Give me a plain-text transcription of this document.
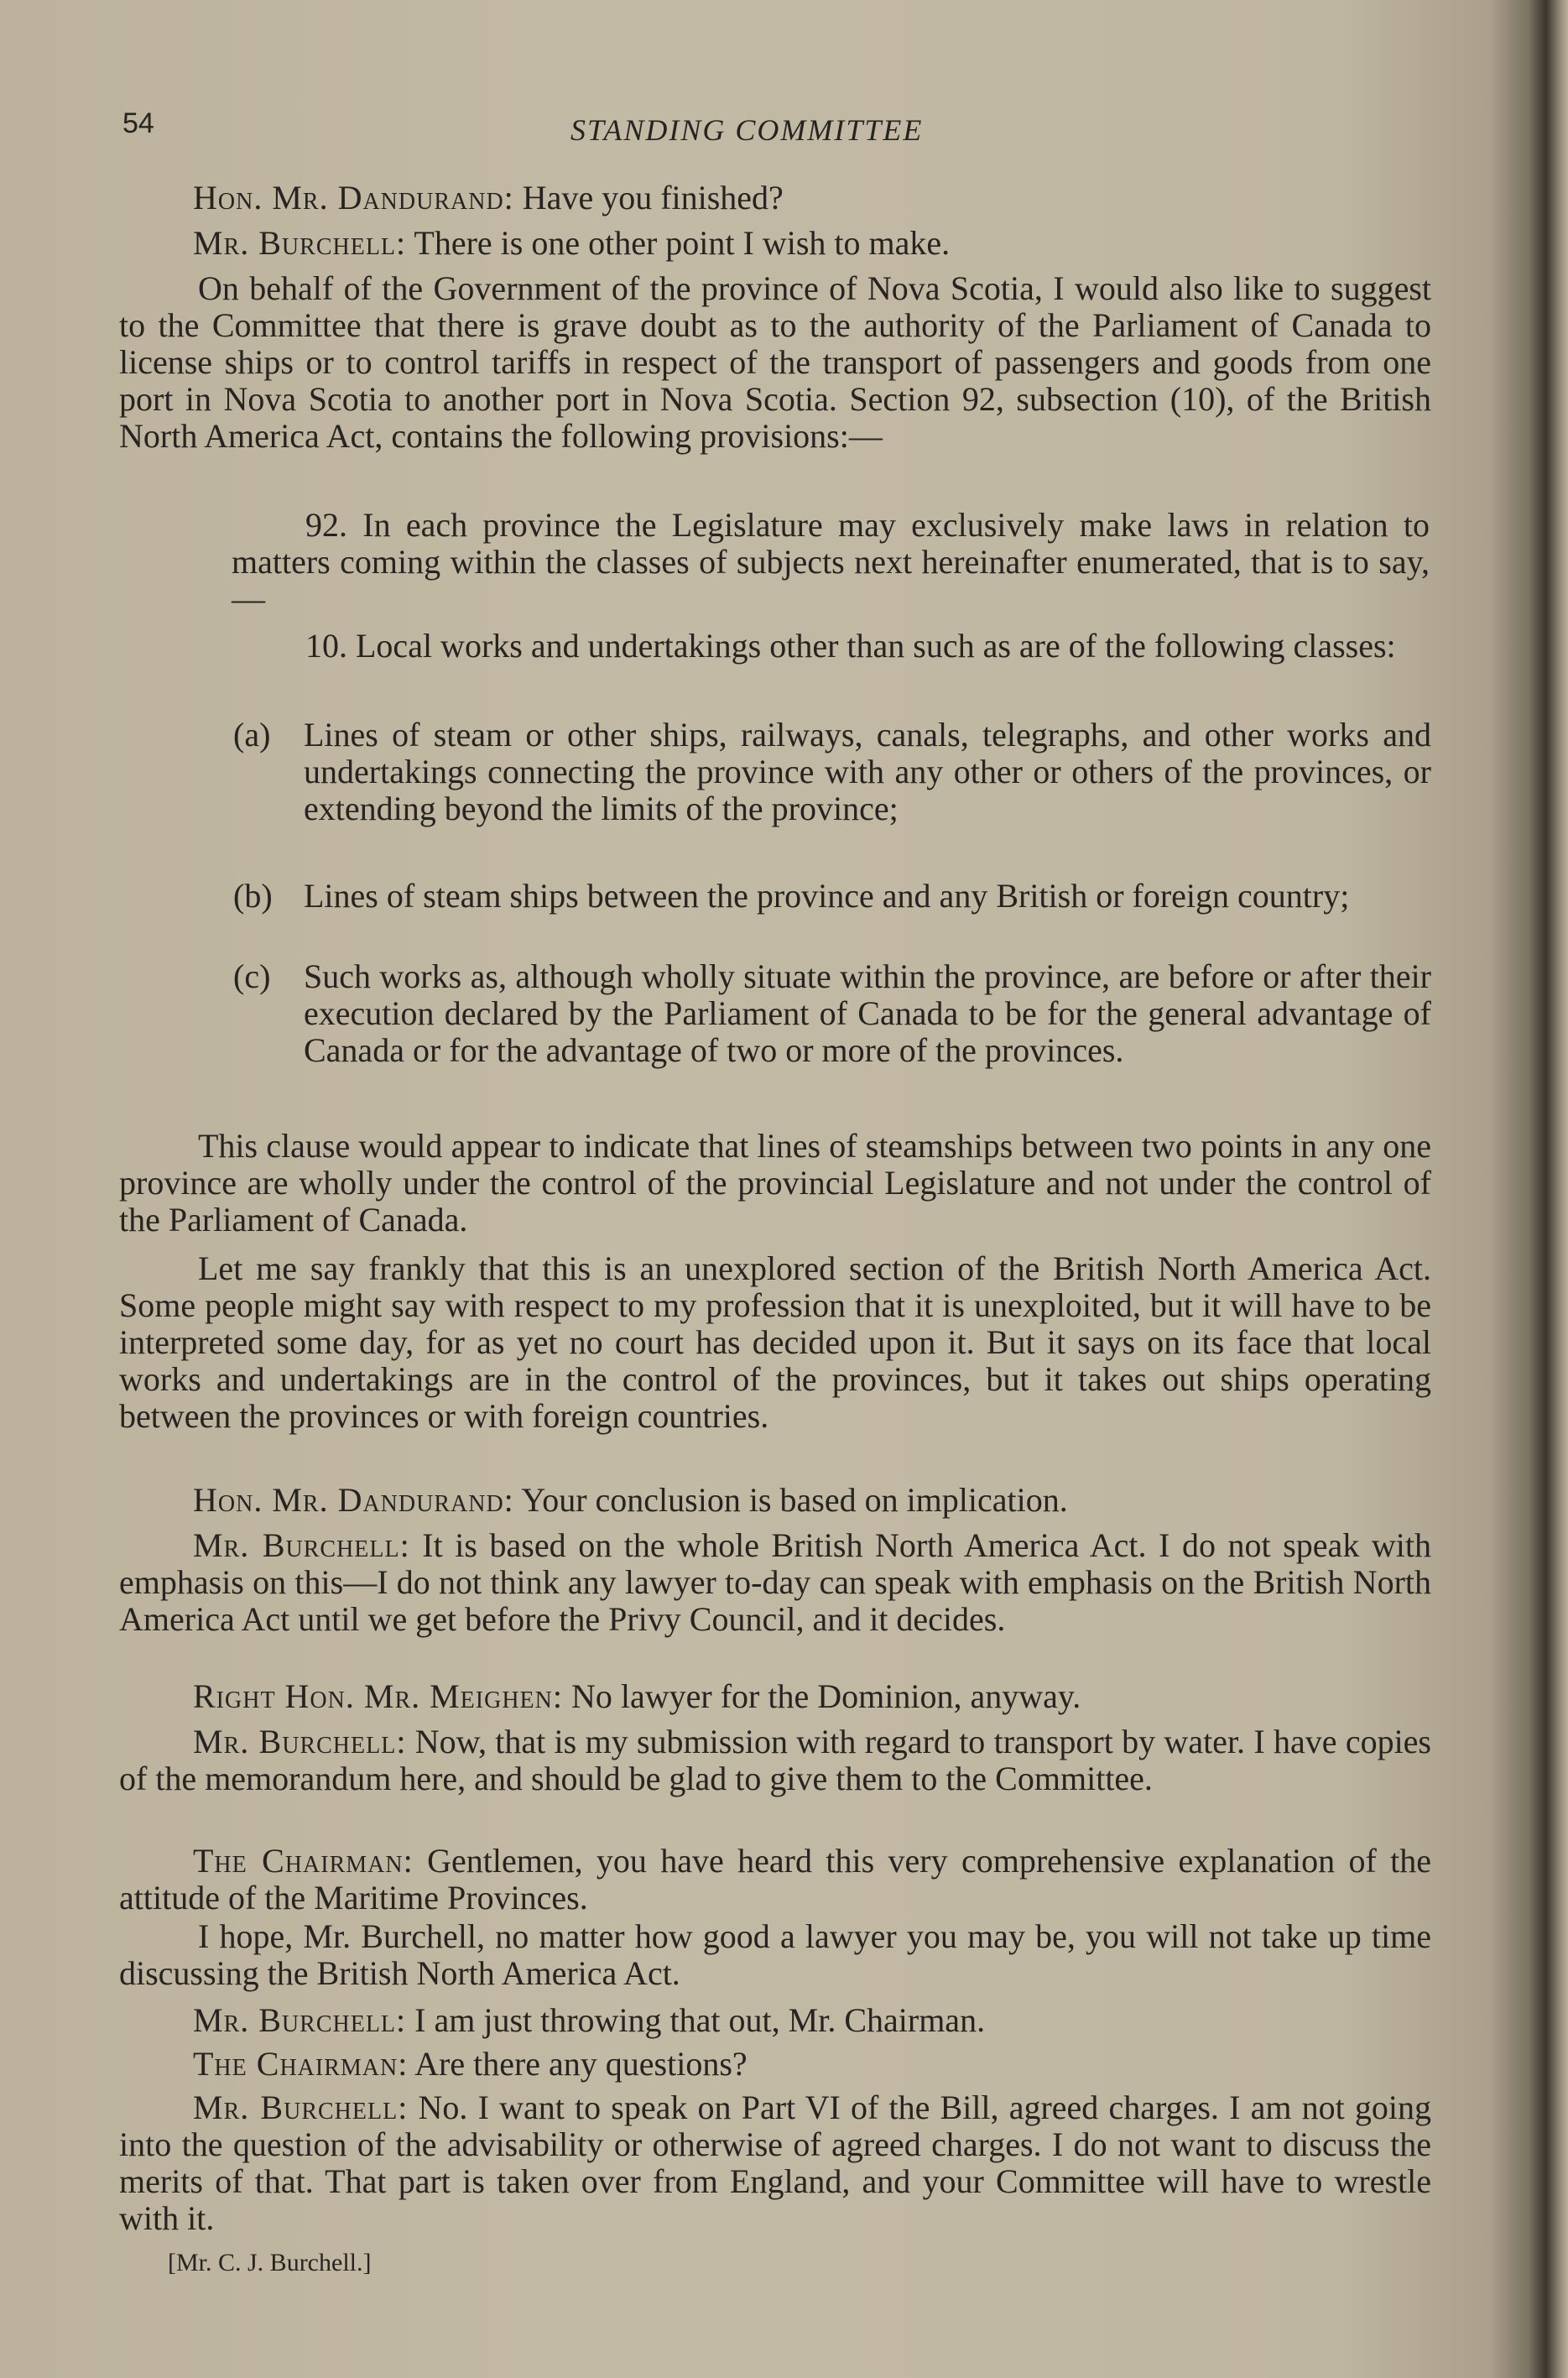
54	STANDING COMMITTEE
Hon. Mr. Dandurand: Have you finished?
Mr. Burchell: There is one other point I wish to make.
On behalf of the Government of the province of Nova Scotia, I would also like to suggest to the Committee that there is grave doubt as to the authority of the Parliament of Canada to license ships or to control tariffs in respect of the transport of passengers and goods from one port in Nova Scotia to another port in Nova Scotia. Section 92, subsection (10), of the British North America Act, contains the following provisions:—
92. In each province the Legislature may exclusively make laws in relation to matters coming within the classes of subjects next hereinafter enumerated, that is to say,—
10. Local works and undertakings other than such as are of the following classes:
(a) Lines of steam or other ships, railways, canals, telegraphs, and other works and undertakings connecting the province with any other or others of the provinces, or extending beyond the limits of the province;
(b) Lines of steam ships between the province and any British or foreign country;
(c) Such works as, although wholly situate within the province, are before or after their execution declared by the Parliament of Canada to be for the general advantage of Canada or for the advantage of two or more of the provinces.
This clause would appear to indicate that lines of steamships between two points in any one province are wholly under the control of the provincial Legislature and not under the control of the Parliament of Canada.
Let me say frankly that this is an unexplored section of the British North America Act. Some people might say with respect to my profession that it is unexploited, but it will have to be interpreted some day, for as yet no court has decided upon it. But it says on its face that local works and undertakings are in the control of the provinces, but it takes out ships operating between the provinces or with foreign countries.
Hon. Mr. Dandurand: Your conclusion is based on implication.
Mr. Burchell: It is based on the whole British North America Act. I do not speak with emphasis on this—I do not think any lawyer to-day can speak with emphasis on the British North America Act until we get before the Privy Council, and it decides.
Right Hon. Mr. Meighen: No lawyer for the Dominion, anyway.
Mr. Burchell: Now, that is my submission with regard to transport by water. I have copies of the memorandum here, and should be glad to give them to the Committee.
The Chairman: Gentlemen, you have heard this very comprehensive explanation of the attitude of the Maritime Provinces.
I hope, Mr. Burchell, no matter how good a lawyer you may be, you will not take up time discussing the British North America Act.
Mr. Burchell: I am just throwing that out, Mr. Chairman.
The Chairman: Are there any questions?
Mr. Burchell: No. I want to speak on Part VI of the Bill, agreed charges. I am not going into the question of the advisability or otherwise of agreed charges. I do not want to discuss the merits of that. That part is taken over from England, and your Committee will have to wrestle with it.
[Mr. C. J. Burchell.]
